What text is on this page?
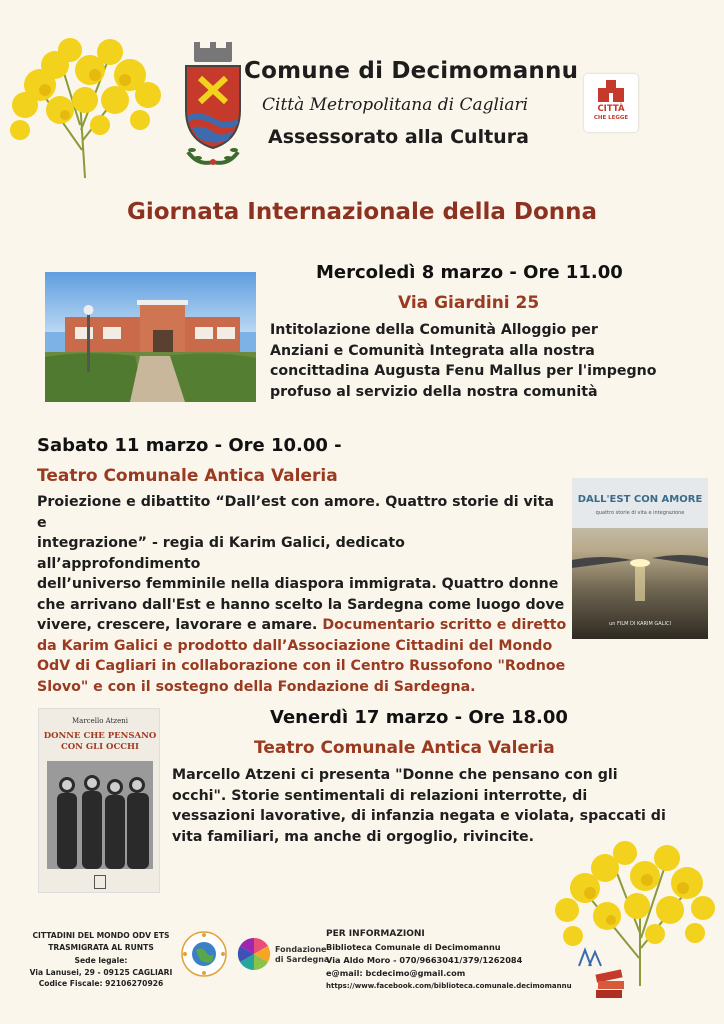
Comune di Decimomannu
Città Metropolitana di Cagliari
Assessorato alla Cultura
CITTÀ
CHE LEGGE
Giornata Internazionale della Donna
Mercoledì 8 marzo - Ore 11.00
Via Giardini 25
Intitolazione della Comunità Alloggio per
Anziani e Comunità Integrata alla nostra
concittadina Augusta Fenu Mallus per l'impegno
profuso al servizio della nostra comunità
Sabato 11 marzo - Ore 10.00 -
Teatro Comunale Antica Valeria
Proiezione e dibattito “Dall’est con amore. Quattro storie di vita e
integrazione” - regia di Karim Galici, dedicato all’approfondimento
dell’universo femminile nella diaspora immigrata. Quattro donne
che arrivano dall'Est e hanno scelto la Sardegna come luogo dove
vivere, crescere, lavorare e amare. Documentario scritto e diretto
da Karim Galici e prodotto dall’Associazione Cittadini del Mondo
OdV di Cagliari in collaborazione con il Centro Russofono "Rodnoe
Slovo" e con il sostegno della Fondazione di Sardegna.
DALL'EST CON AMORE
quattro storie di vita e integrazione
un FILM DI KARIM GALICI
Marcello Atzeni
DONNE CHE PENSANO
CON GLI OCCHI
Venerdì 17 marzo - Ore 18.00
Teatro Comunale Antica Valeria
Marcello Atzeni ci presenta "Donne che pensano con gli
occhi". Storie sentimentali di relazioni interrotte, di
vessazioni lavorative, di infanzia negata e violata, spaccati di
vita familiari, ma anche di orgoglio, rivincite.
CITTADINI DEL MONDO ODV ETS
TRASMIGRATA AL RUNTS
Sede legale:
Via Lanusei, 29 - 09125 CAGLIARI
Codice Fiscale: 92106270926
Fondazione
di Sardegna
PER INFORMAZIONI
Biblioteca Comunale di Decimomannu
Via Aldo Moro - 070/9663041/379/1262084
e@mail: bcdecimo@gmail.com
https://www.facebook.com/biblioteca.comunale.decimomannu
